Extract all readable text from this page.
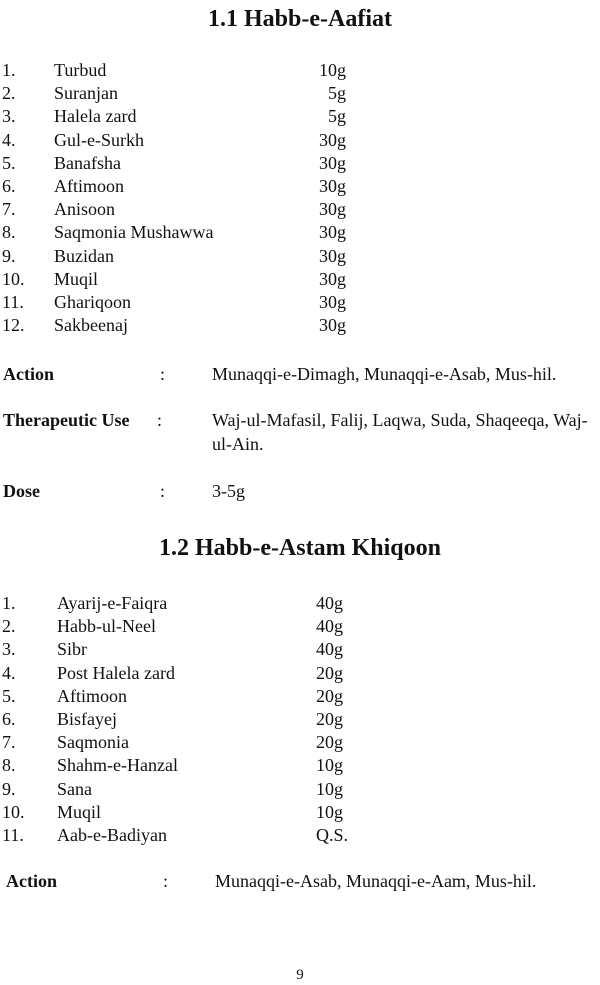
1.1 Habb-e-Aafiat
1. Turbud	10g
2. Suranjan	5g
3. Halela zard	5g
4. Gul-e-Surkh	30g
5. Banafsha	30g
6. Aftimoon	30g
7. Anisoon	30g
8. Saqmonia Mushawwa	30g
9. Buzidan	30g
10. Muqil	30g
11. Ghariqoon	30g
12. Sakbeenaj	30g
Action	:	Munaqqi-e-Dimagh, Munaqqi-e-Asab, Mus-hil.
Therapeutic Use :	Waj-ul-Mafasil, Falij, Laqwa, Suda, Shaqeeqa, Waj-ul-Ain.
Dose	:	3-5g
1.2 Habb-e-Astam Khiqoon
1. Ayarij-e-Faiqra	40g
2. Habb-ul-Neel	40g
3. Sibr	40g
4. Post Halela zard	20g
5. Aftimoon	20g
6. Bisfayej	20g
7. Saqmonia	20g
8. Shahm-e-Hanzal	10g
9. Sana	10g
10. Muqil	10g
11. Aab-e-Badiyan	Q.S.
Action	:	Munaqqi-e-Asab, Munaqqi-e-Aam, Mus-hil.
9
